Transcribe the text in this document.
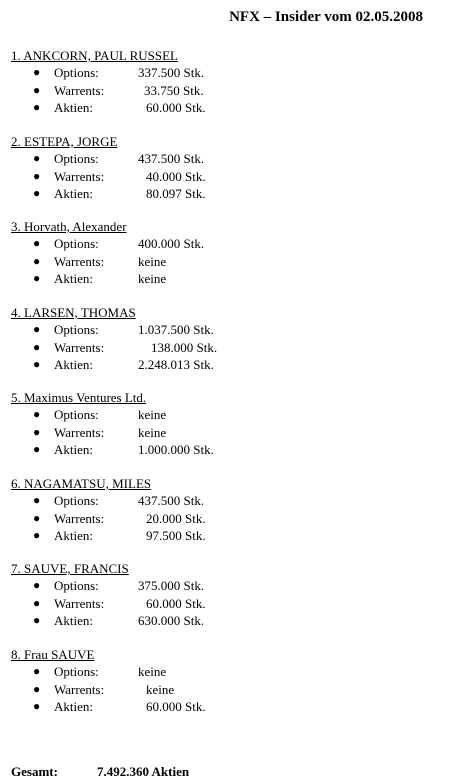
NFX – Insider vom 02.05.2008
1. ANKCORN, PAUL RUSSEL
● Options:	337.500 Stk.
● Warrents:	33.750 Stk.
● Aktien:	60.000 Stk.
2. ESTEPA, JORGE
● Options:	437.500 Stk.
● Warrents:	40.000 Stk.
● Aktien:	80.097 Stk.
3. Horvath, Alexander
● Options:	400.000 Stk.
● Warrents:	keine
● Aktien:	keine
4. LARSEN, THOMAS
● Options:	1.037.500 Stk.
● Warrents:	138.000 Stk.
● Aktien:	2.248.013 Stk.
5. Maximus Ventures Ltd.
● Options:	keine
● Warrents:	keine
● Aktien:	1.000.000 Stk.
6. NAGAMATSU, MILES
● Options:	437.500 Stk.
● Warrents:	20.000 Stk.
● Aktien:	97.500 Stk.
7. SAUVE, FRANCIS
● Options:	375.000 Stk.
● Warrents:	60.000 Stk.
● Aktien:	630.000 Stk.
8. Frau SAUVE
● Options:	keine
● Warrents:	keine
● Aktien:	60.000 Stk.
Gesamt:	7.492.360 Aktien
